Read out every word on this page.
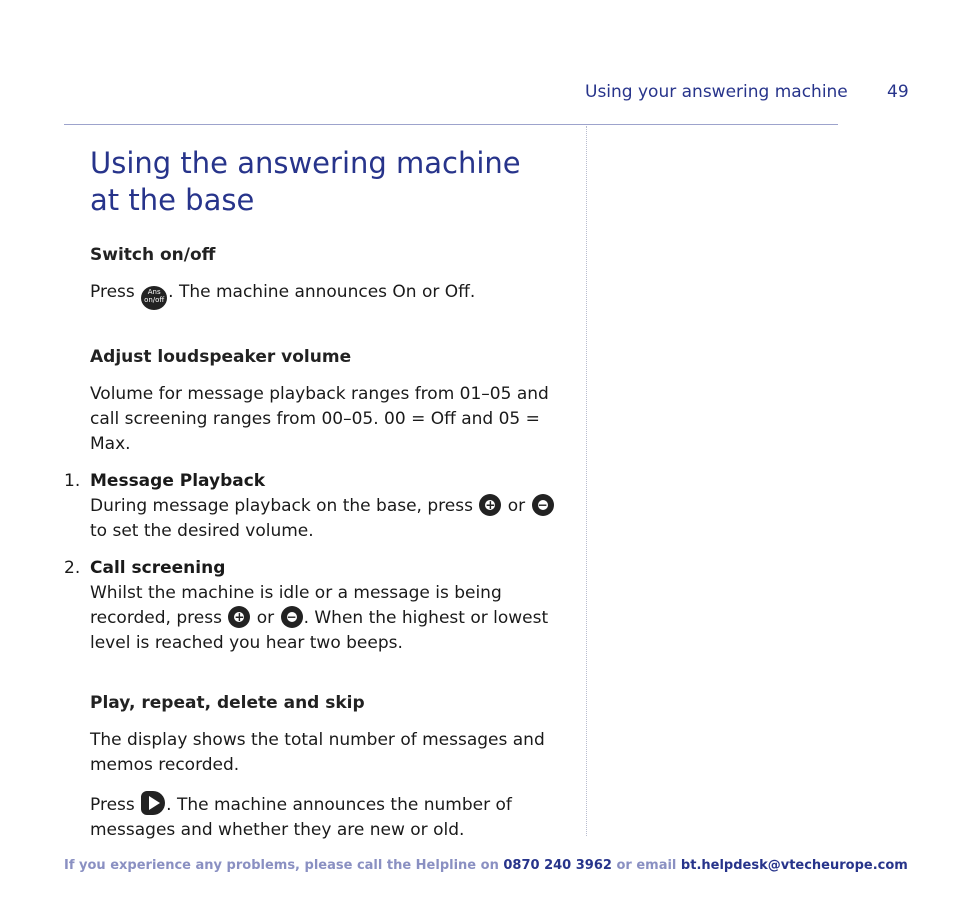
Using your answering machine 49
Using the answering machine at the base
Switch on/off

Press	Ans
on/off . The machine announces On or Off.

Adjust loudspeaker volume

Volume for message playback ranges from 01–05 and call screening ranges from 00–05. 00 = Off and 05 = Max.

1. Message Playback
During message playback on the base, press + or − to set the desired volume.
2. Call screening
Whilst the machine is idle or a message is being recorded, press + or − . When the highest or lowest level is reached you hear two beeps.
Play, repeat, delete and skip

The display shows the total number of messages and memos recorded.

Press . The machine announces the number of messages and whether they are new or old.

If you experience any problems, please call the Helpline on 0870 240 3962 or email bt.helpdesk@vtecheurope.com
